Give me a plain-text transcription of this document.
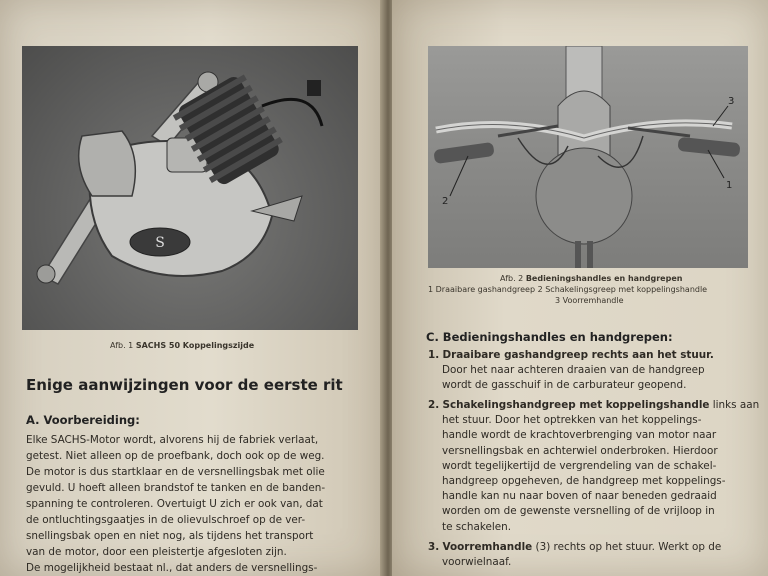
S
Afb. 1 SACHS 50 Koppelingszijde
Enige aanwijzingen voor de eerste rit
A. Voorbereiding:
Elke SACHS-Motor wordt, alvorens hij de fabriek verlaat,
getest. Niet alleen op de proefbank, doch ook op de weg.
De motor is dus startklaar en de versnellingsbak met olie
gevuld. U hoeft alleen brandstof te tanken en de banden-
spanning te controleren. Overtuigt U zich er ook van, dat
de ontluchtingsgaatjes in de olievulschroef op de ver-
snellingsbak open en niet nog, als tijdens het transport
van de motor, door een pleistertje afgesloten zijn.
De mogelijkheid bestaat nl., dat anders de versnellings-
2
1
3
Afb. 2 Bedieningshandles en handgrepen
1 Draaibare gashandgreep 2 Schakelingsgreep met koppelingshandle
3 Voorremhandle
C. Bedieningshandles en handgrepen:
1. Draaibare gashandgreep rechts aan het stuur.
Door het naar achteren draaien van de handgreep
wordt de gasschuif in de carburateur geopend.
2. Schakelingshandgreep met koppelingshandle links aan
het stuur. Door het optrekken van het koppelings-
handle wordt de krachtoverbrenging van motor naar
versnellingsbak en achterwiel onderbroken. Hierdoor
wordt tegelijkertijd de vergrendeling van de schakel-
handgreep opgeheven, de handgreep met koppelings-
handle kan nu naar boven of naar beneden gedraaid
worden om de gewenste versnelling of de vrijloop in
te schakelen.
3. Voorremhandle (3) rechts op het stuur. Werkt op de
voorwielnaaf.
